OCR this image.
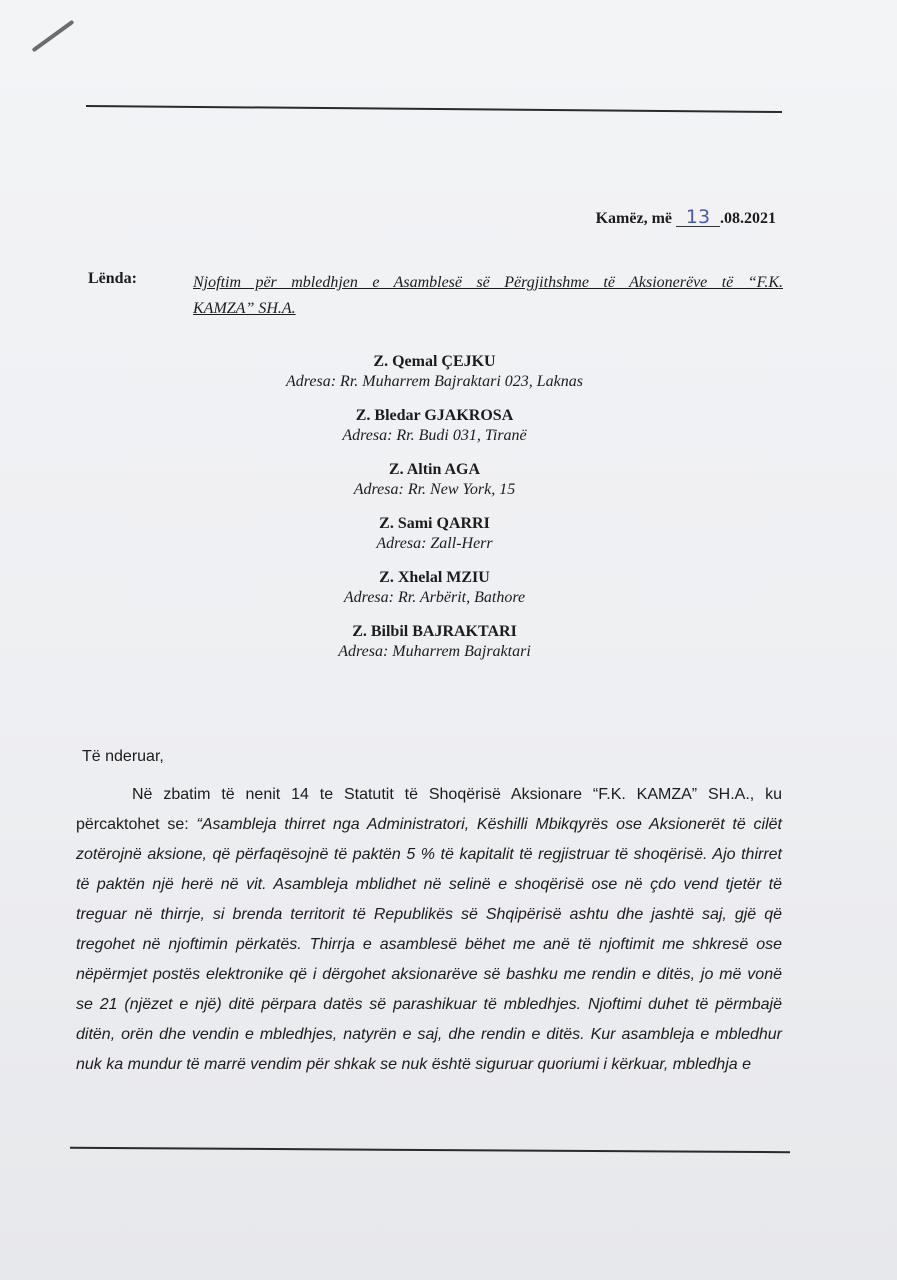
Kamëz, më 13 .08.2021
Lënda:	Njoftim për mbledhjen e Asamblesë së Përgjithshme të Aksionerëve të “F.K.
KAMZA” SH.A.
Z. Qemal ÇEJKU
Adresa: Rr. Muharrem Bajraktari 023, Laknas
Z. Bledar GJAKROSA
Adresa: Rr. Budi 031, Tiranë
Z. Altin AGA
Adresa: Rr. New York, 15
Z. Sami QARRI
Adresa: Zall-Herr
Z. Xhelal MZIU
Adresa: Rr. Arbërit, Bathore
Z. Bilbil BAJRAKTARI
Adresa: Muharrem Bajraktari
Të nderuar,

Në zbatim të nenit 14 te Statutit të Shoqërisë Aksionare “F.K. KAMZA” SH.A., ku përcaktohet se: “Asambleja thirret nga Administratori, Këshilli Mbikqyrës ose Aksionerët të cilët zotërojnë aksione, që përfaqësojnë të paktën 5 % të kapitalit të regjistruar të shoqërisë. Ajo thirret të paktën një herë në vit. Asambleja mblidhet në selinë e shoqërisë ose në çdo vend tjetër të treguar në thirrje, si brenda territorit të Republikës së Shqipërisë ashtu dhe jashtë saj, gjë që tregohet në njoftimin përkatës. Thirrja e asamblesë bëhet me anë të njoftimit me shkresë ose nëpërmjet postës elektronike që i dërgohet aksionarëve së bashku me rendin e ditës, jo më vonë se 21 (njëzet e një) ditë përpara datës së parashikuar të mbledhjes. Njoftimi duhet të përmbajë ditën, orën dhe vendin e mbledhjes, natyrën e saj, dhe rendin e ditës. Kur asambleja e mbledhur nuk ka mundur të marrë vendim për shkak se nuk është siguruar quoriumi i kërkuar, mbledhja e
